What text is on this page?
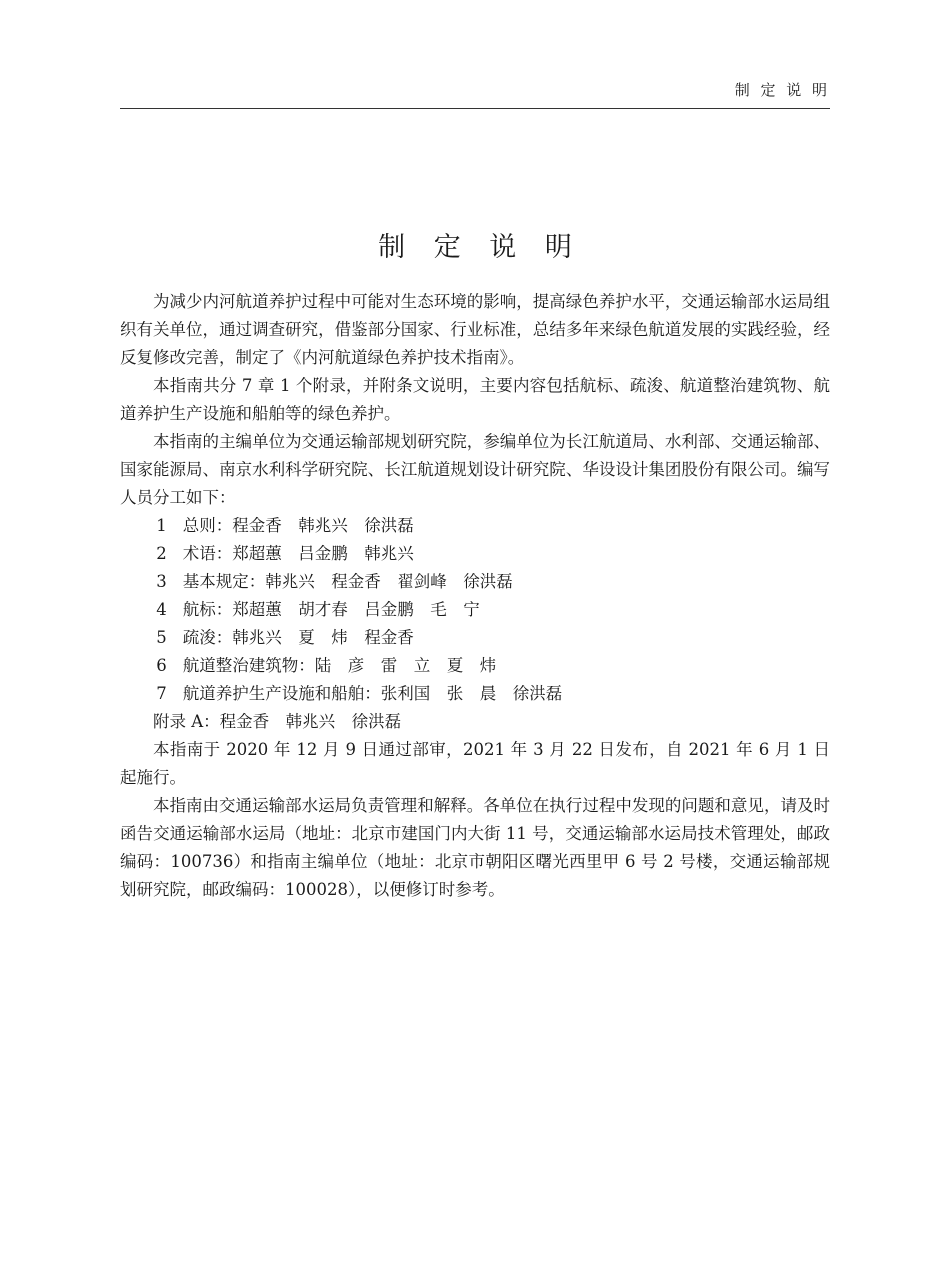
制 定 说 明
制 定 说 明

为减少内河航道养护过程中可能对生态环境的影响，提高绿色养护水平，交通运输部水运局组织有关单位，通过调查研究，借鉴部分国家、行业标准，总结多年来绿色航道发展的实践经验，经反复修改完善，制定了《内河航道绿色养护技术指南》。

本指南共分 7 章 1 个附录，并附条文说明，主要内容包括航标、疏浚、航道整治建筑物、航道养护生产设施和船舶等的绿色养护。

本指南的主编单位为交通运输部规划研究院，参编单位为长江航道局、水利部、交通运输部、国家能源局、南京水利科学研究院、长江航道规划设计研究院、华设设计集团股份有限公司。编写人员分工如下：

1 总则：程金香　韩兆兴　徐洪磊
2 术语：郑超蕙　吕金鹏　韩兆兴
3 基本规定：韩兆兴　程金香　翟剑峰　徐洪磊
4 航标：郑超蕙　胡才春　吕金鹏　毛　宁
5 疏浚：韩兆兴　夏　炜　程金香
6 航道整治建筑物：陆　彦　雷　立　夏　炜
7 航道养护生产设施和船舶：张利国　张　晨　徐洪磊
附录 A：程金香　韩兆兴　徐洪磊

本指南于 2020 年 12 月 9 日通过部审，2021 年 3 月 22 日发布，自 2021 年 6 月 1 日起施行。

本指南由交通运输部水运局负责管理和解释。各单位在执行过程中发现的问题和意见，请及时函告交通运输部水运局（地址：北京市建国门内大街 11 号，交通运输部水运局技术管理处，邮政编码：100736）和指南主编单位（地址：北京市朝阳区曙光西里甲 6 号 2 号楼，交通运输部规划研究院，邮政编码：100028），以便修订时参考。
